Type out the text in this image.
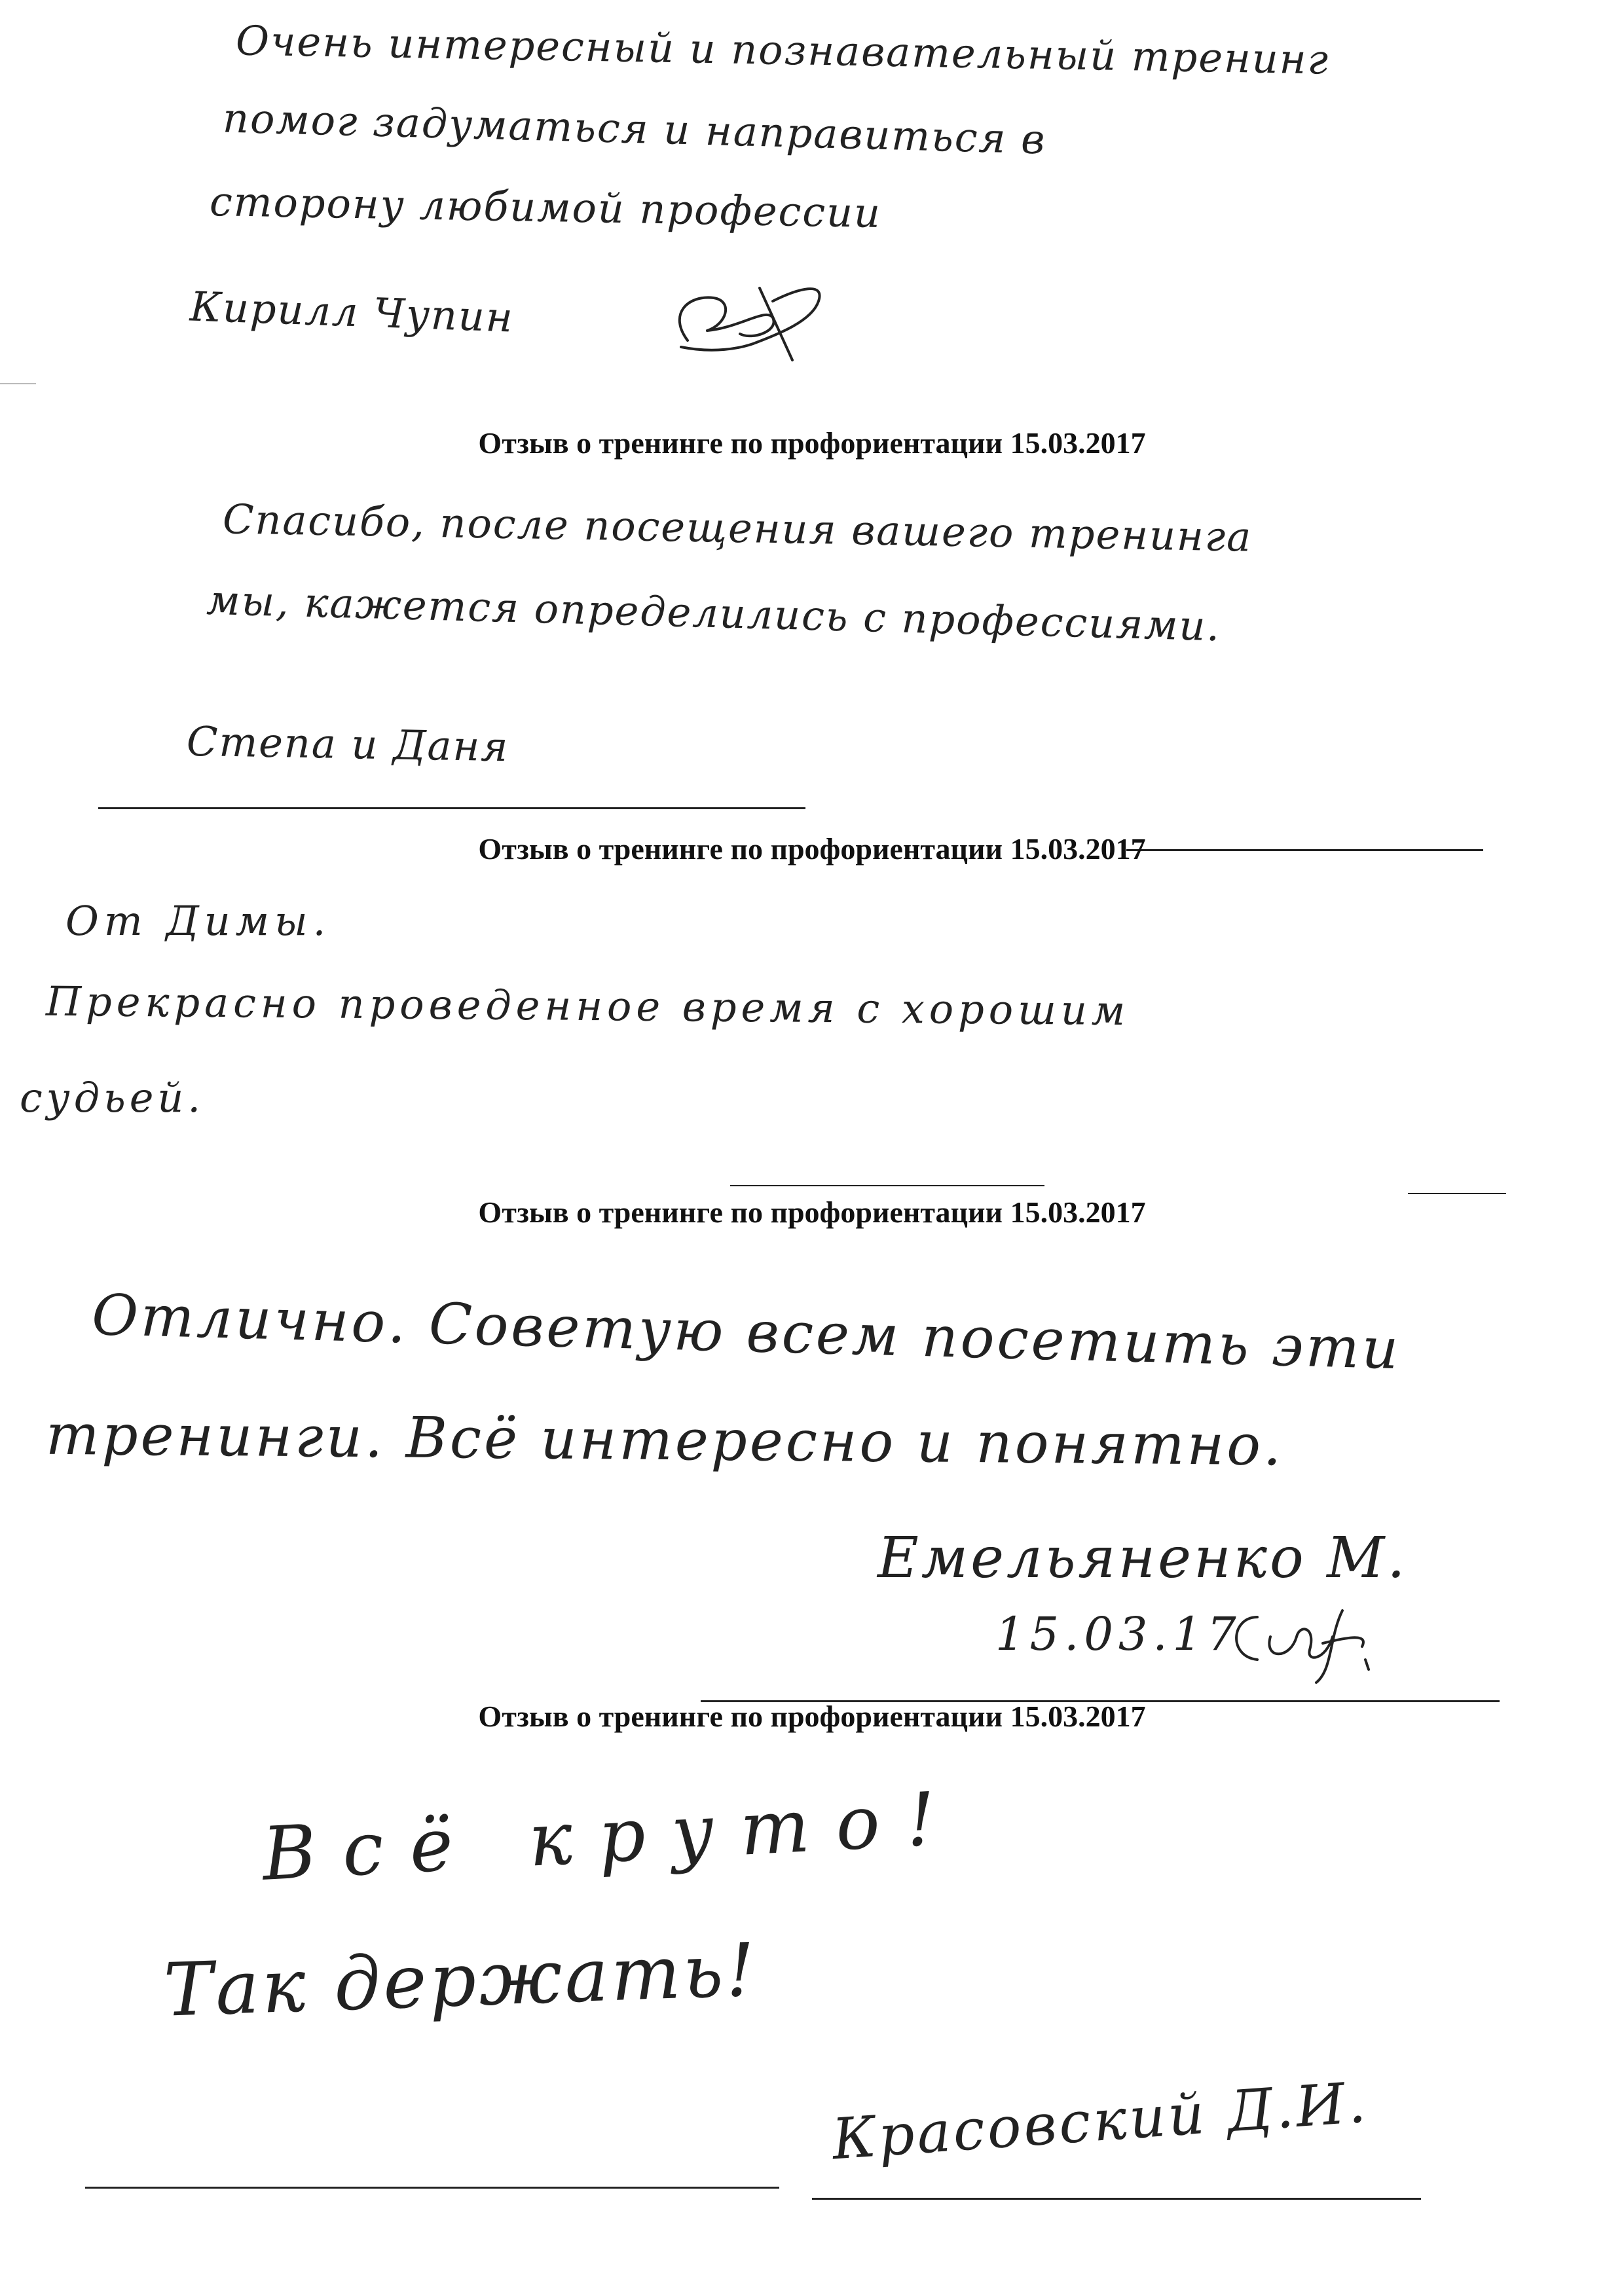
Очень интересный и познавательный тренинг
помог задуматься и направиться в
сторону любимой профессии
Кирилл Чупин
Отзыв о тренинге по профориентации 15.03.2017
Спасибо, после посещения вашего тренинга
мы, кажется определились с профессиями.
Степа и Даня
Отзыв о тренинге по профориентации 15.03.2017
От Димы.
Прекрасно проведенное время с хорошим
судьей.
Отзыв о тренинге по профориентации 15.03.2017
Отлично. Советую всем посетить эти
тренинги. Всё интересно и понятно.
Емельяненко М.
15.03.17
Отзыв о тренинге по профориентации 15.03.2017
Всё круто!
Так держать!
Красовский Д.И.
